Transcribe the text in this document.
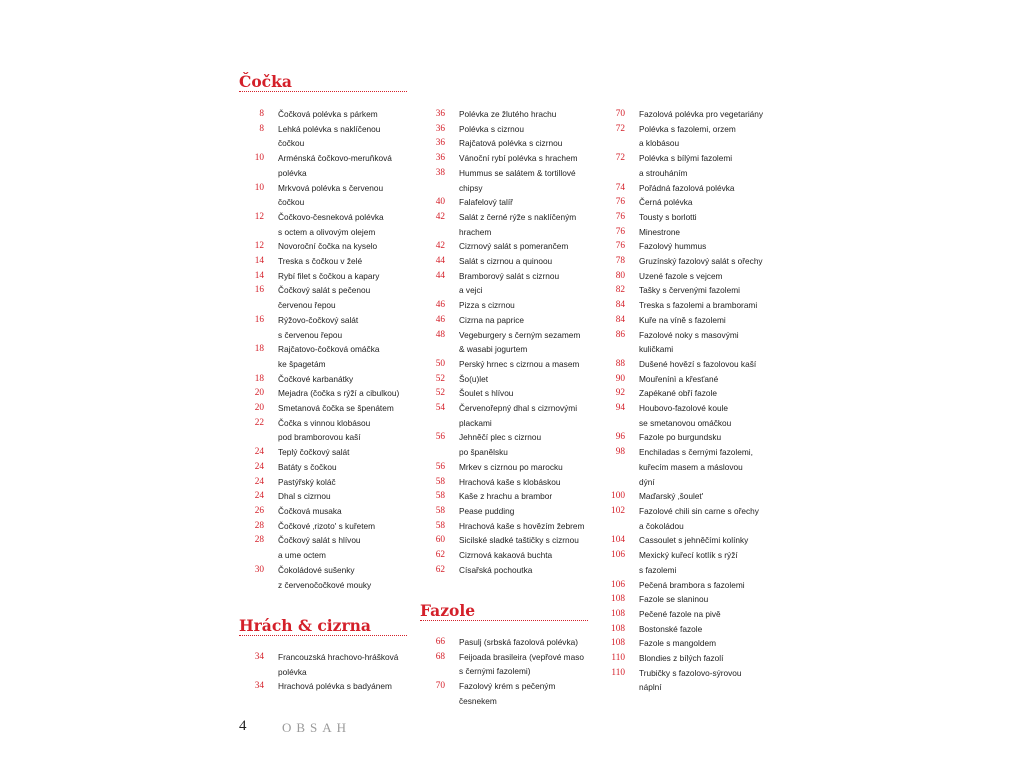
Čočka
8 Čočková polévka s párkem
8 Lehká polévka s naklíčenou
čočkou
10 Arménská čočkovo-meruňková
polévka
10 Mrkvová polévka s červenou
čočkou
12 Čočkovo-česneková polévka
s octem a olivovým olejem
12 Novoroční čočka na kyselo
14 Treska s čočkou v želé
14 Rybí filet s čočkou a kapary
16 Čočkový salát s pečenou
červenou řepou
16 Rýžovo-čočkový salát
s červenou řepou
18 Rajčatovo-čočková omáčka
ke špagetám
18 Čočkové karbanátky
20 Mejadra (čočka s rýží a cibulkou)
20 Smetanová čočka se špenátem
22 Čočka s vinnou klobásou
pod bramborovou kaší
24 Teplý čočkový salát
24 Batáty s čočkou
24 Pastýřský koláč
24 Dhal s cizrnou
26 Čočková musaka
28 Čočkové ‚rizoto' s kuřetem
28 Čočkový salát s hlívou
a ume octem
30 Čokoládové sušenky
z červenočočkové mouky
Hrách & cizrna
34 Francouzská hrachovo-hrášková
polévka
34 Hrachová polévka s badyánem
36 Polévka ze žlutého hrachu
36 Polévka s cizrnou
36 Rajčatová polévka s cizrnou
36 Vánoční rybí polévka s hrachem
38 Hummus se salátem & tortillové
chipsy
40 Falafelový talíř
42 Salát z černé rýže s naklíčeným
hrachem
42 Cizrnový salát s pomerančem
44 Salát s cizrnou a quinoou
44 Bramborový salát s cizrnou
a vejci
46 Pizza s cizrnou
46 Cizrna na paprice
48 Vegeburgery s černým sezamem
& wasabi jogurtem
50 Perský hrnec s cizrnou a masem
52 Šo(u)let
52 Šoulet s hlívou
54 Červenořepný dhal s cizrnovými
plackami
56 Jehněčí plec s cizrnou
po španělsku
56 Mrkev s cizrnou po marocku
58 Hrachová kaše s klobáskou
58 Kaše z hrachu a brambor
58 Pease pudding
58 Hrachová kaše s hovězím žebrem
60 Sicilské sladké taštičky s cizrnou
62 Cizrnová kakaová buchta
62 Císařská pochoutka
Fazole
66 Pasulj (srbská fazolová polévka)
68 Feijoada brasileira (vepřové maso
s černými fazolemi)
70 Fazolový krém s pečeným
česnekem
70 Fazolová polévka pro vegetariány
72 Polévka s fazolemi, orzem
a klobásou
72 Polévka s bílými fazolemi
a strouháním
74 Pořádná fazolová polévka
76 Černá polévka
76 Tousty s borlotti
76 Minestrone
76 Fazolový hummus
78 Gruzínský fazolový salát s ořechy
80 Uzené fazole s vejcem
82 Tašky s červenými fazolemi
84 Treska s fazolemi a bramborami
84 Kuře na víně s fazolemi
86 Fazolové noky s masovými
kuličkami
88 Dušené hovězí s fazolovou kaší
90 Mouřenínì a křesťané
92 Zapékané obří fazole
94 Houbovo-fazolové koule
se smetanovou omáčkou
96 Fazole po burgundsku
98 Enchiladas s černými fazolemi,
kuřecím masem a máslovou
dýní
100 Maďarský ‚šoulet'
102 Fazolové chili sin carne s ořechy
a čokoládou
104 Cassoulet s jehněčími kolínky
106 Mexický kuřecí kotlík s rýží
s fazolemi
106 Pečená brambora s fazolemi
108 Fazole se slaninou
108 Pečené fazole na pivě
108 Bostonské fazole
108 Fazole s mangoldem
110 Blondies z bílých fazolí
110 Trubičky s fazolovo-sýrovou
náplní
4	OBSAH
